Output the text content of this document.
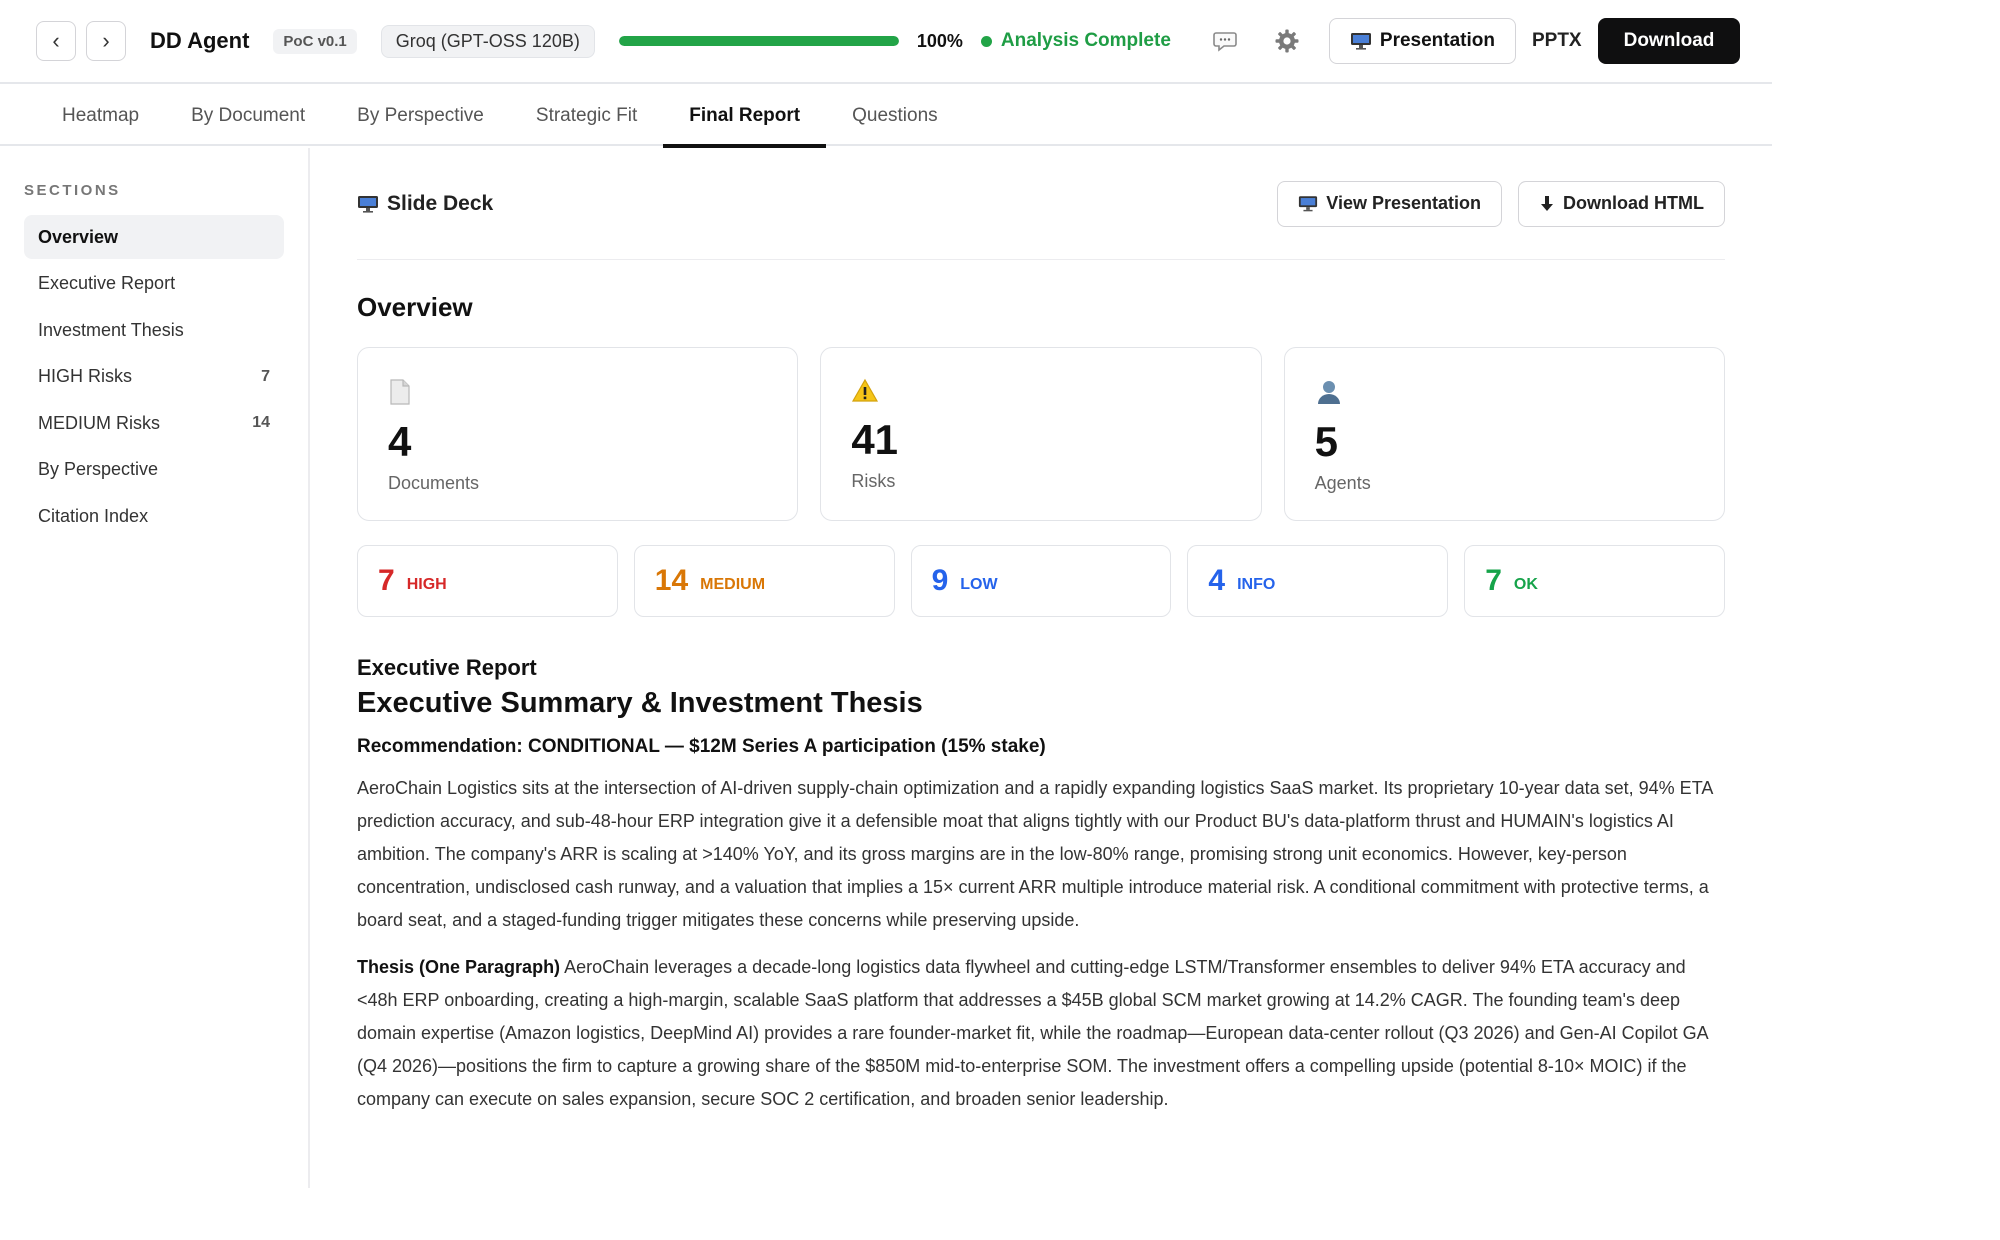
‹ › DD Agent	PoC v0.1	Groq (GPT-OSS 120B)	100% Analysis Complete	Presentation PPTX	Download
Heatmap	By Document	By Perspective	Strategic Fit	Final Report	Questions
SECTIONS
Overview
Executive Report
Investment Thesis
HIGH Risks	7
MEDIUM Risks	14
By Perspective
Citation Index
Slide Deck	View Presentation	Download HTML
Overview
4
Documents
41
Risks
5
Agents
7 HIGH	14 MEDIUM	9 LOW	4 INFO	7 OK
Executive Report
Executive Summary & Investment Thesis
Recommendation: CONDITIONAL — $12M Series A participation (15% stake)

AeroChain Logistics sits at the intersection of AI-driven supply-chain optimization and a rapidly expanding logistics SaaS market. Its proprietary 10-year data set, 94% ETA prediction accuracy, and sub-48-hour ERP integration give it a defensible moat that aligns tightly with our Product BU's data-platform thrust and HUMAIN's logistics AI ambition. The company's ARR is scaling at >140% YoY, and its gross margins are in the low-80% range, promising strong unit economics. However, key-person concentration, undisclosed cash runway, and a valuation that implies a 15× current ARR multiple introduce material risk. A conditional commitment with protective terms, a board seat, and a staged-funding trigger mitigates these concerns while preserving upside.

Thesis (One Paragraph) AeroChain leverages a decade-long logistics data flywheel and cutting-edge LSTM/Transformer ensembles to deliver 94% ETA accuracy and <48h ERP onboarding, creating a high-margin, scalable SaaS platform that addresses a $45B global SCM market growing at 14.2% CAGR. The founding team's deep domain expertise (Amazon logistics, DeepMind AI) provides a rare founder-market fit, while the roadmap—European data-center rollout (Q3 2026) and Gen-AI Copilot GA (Q4 2026)—positions the firm to capture a growing share of the $850M mid-to-enterprise SOM. The investment offers a compelling upside (potential 8-10× MOIC) if the company can execute on sales expansion, secure SOC 2 certification, and broaden senior leadership.
